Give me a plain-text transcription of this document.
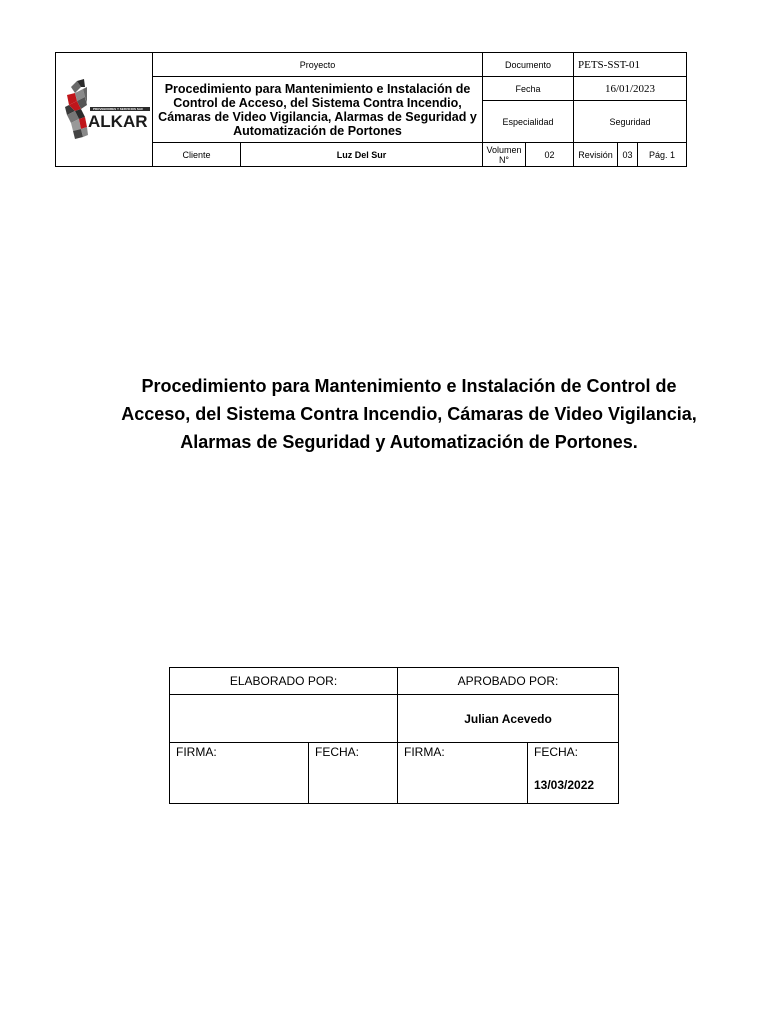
PROVEEDORES Y SERVICIOS SAC
ALKAR	Proyecto		Documento		PETS-SST-01		
	Procedimiento para Mantenimiento e Instalación de Control de Acceso, del Sistema Contra Incendio, Cámaras de Video Vigilancia, Alarmas de Seguridad y Automatización de Portones		Fecha		16/01/2023		
			Especialidad		Seguridad		
	Cliente	Luz Del Sur	Volumen N°	02	Revisión	03	Pág. 1
Procedimiento para Mantenimiento e Instalación de Control de Acceso, del Sistema Contra Incendio, Cámaras de Video Vigilancia, Alarmas de Seguridad y Automatización de Portones.
ELABORADO POR:		APROBADO POR:	
		Julian Acevedo	
FIRMA:	FECHA:	FIRMA:	FECHA:
13/03/2022
